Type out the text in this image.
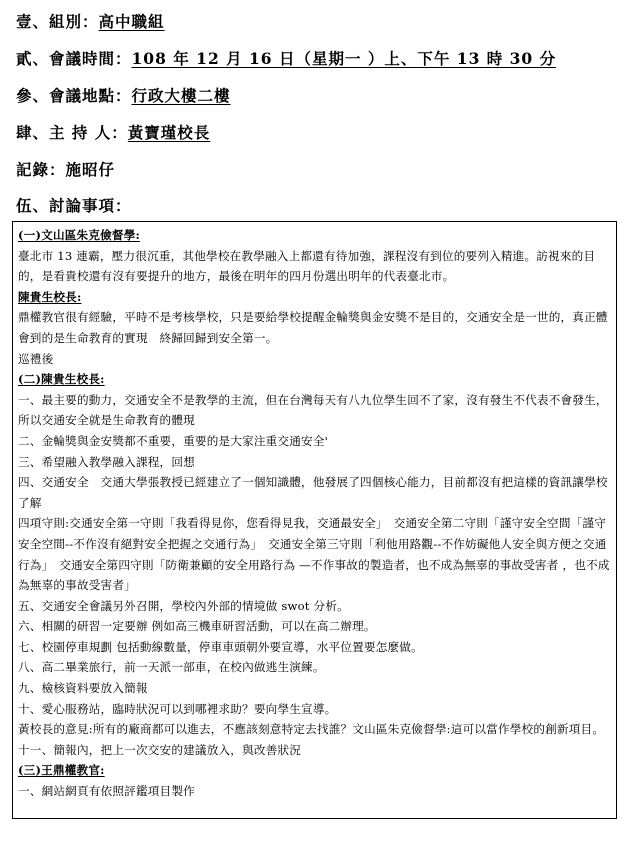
壹、組別：高中職組
貳、會議時間：108 年 12 月 16 日（星期一 ）上、下午 13 時 30 分
參、會議地點：行政大樓二樓
肆、主 持 人：黃寶瑾校長
記錄：施昭仔
伍、討論事項：

(一)文山區朱克儉督學:

臺北市 13 連霸，壓力很沉重，其他學校在教學融入上都還有待加強，課程沒有到位的要列入精進。訪視來的目的，是看貴校還有沒有要提升的地方，最後在明年的四月份選出明年的代表臺北市。

陳貴生校長:

鼎權教官很有經驗，平時不是考核學校，只是要給學校提醒金輪獎與金安獎不是目的，交通安全是一世的，真正體會到的是生命教育的實現　終歸回歸到安全第一。

巡禮後

(二)陳貴生校長:

一、最主要的動力，交通安全不是教學的主流，但在台灣每天有八九位學生回不了家，沒有發生不代表不會發生，所以交通安全就是生命教育的體現

二、金輪獎與金安獎都不重要，重要的是大家注重交通安全'

三、希望融入教學融入課程，回想

四、交通安全　交通大學張教授已經建立了一個知識體，他發展了四個核心能力，目前都沒有把這樣的資訊讓學校了解

四項守則:交通安全第一守則「我看得見你，您看得見我，交通最安全」　交通安全第二守則「謹守安全空間「謹守安全空間--不作沒有絕對安全把握之交通行為」　交通安全第三守則「利他用路觀--不作妨礙他人安全與方便之交通行為」　交通安全第四守則「防衛兼顧的安全用路行為 —不作事故的製造者，也不成為無辜的事故受害者 ，也不成為無辜的事故受害者」

五、交通安全會議另外召開，學校內外部的情境做 swot 分析。

六、相關的研習一定要辦 例如高三機車研習活動，可以在高二辦理。

七、校園停車規劃 包括動線數量，停車車頭朝外要宣導，水平位置要怎麼做。

八、高二畢業旅行，前一天派一部車，在校內做逃生演練。

九、檢核資料要放入簡報

十、愛心服務站，臨時狀況可以到哪裡求助？要向學生宣導。

黃校長的意見:所有的廠商都可以進去，不應該刻意特定去找誰？文山區朱克儉督學:這可以當作學校的創新項目。

十一、簡報內，把上一次交安的建議放入，與改善狀況

(三)王鼎權教官:

一、網站網頁有依照評鑑項目製作
